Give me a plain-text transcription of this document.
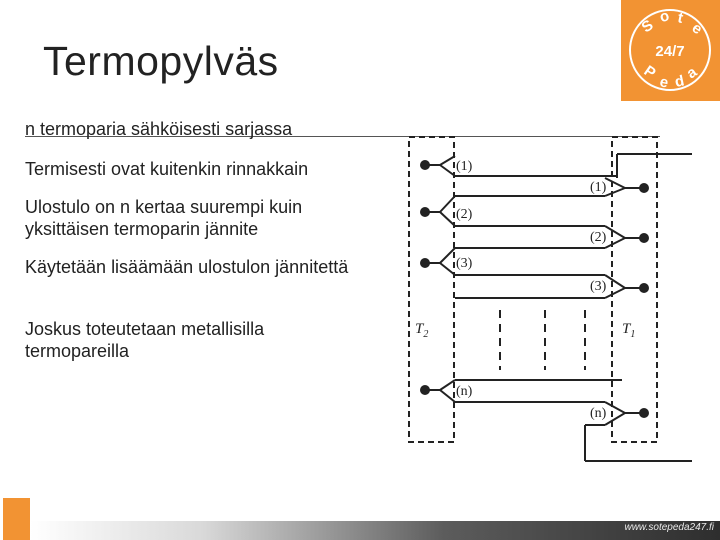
Termopylväs
S o t
e
24/7
P
e d
a
n termoparia sähköisesti sarjassa
Termisesti ovat kuitenkin rinnakkain
Ulostulo on n kertaa suurempi kuin yksittäisen termoparin jännite
Käytetään lisäämään ulostulon jännitettä
Joskus toteutetaan metallisilla termopareilla
(1)
(2)
(3)
(n)
(1)
(2)
(3)
(n)
$T_2$	$T_1$
www.sotepeda247.fi
